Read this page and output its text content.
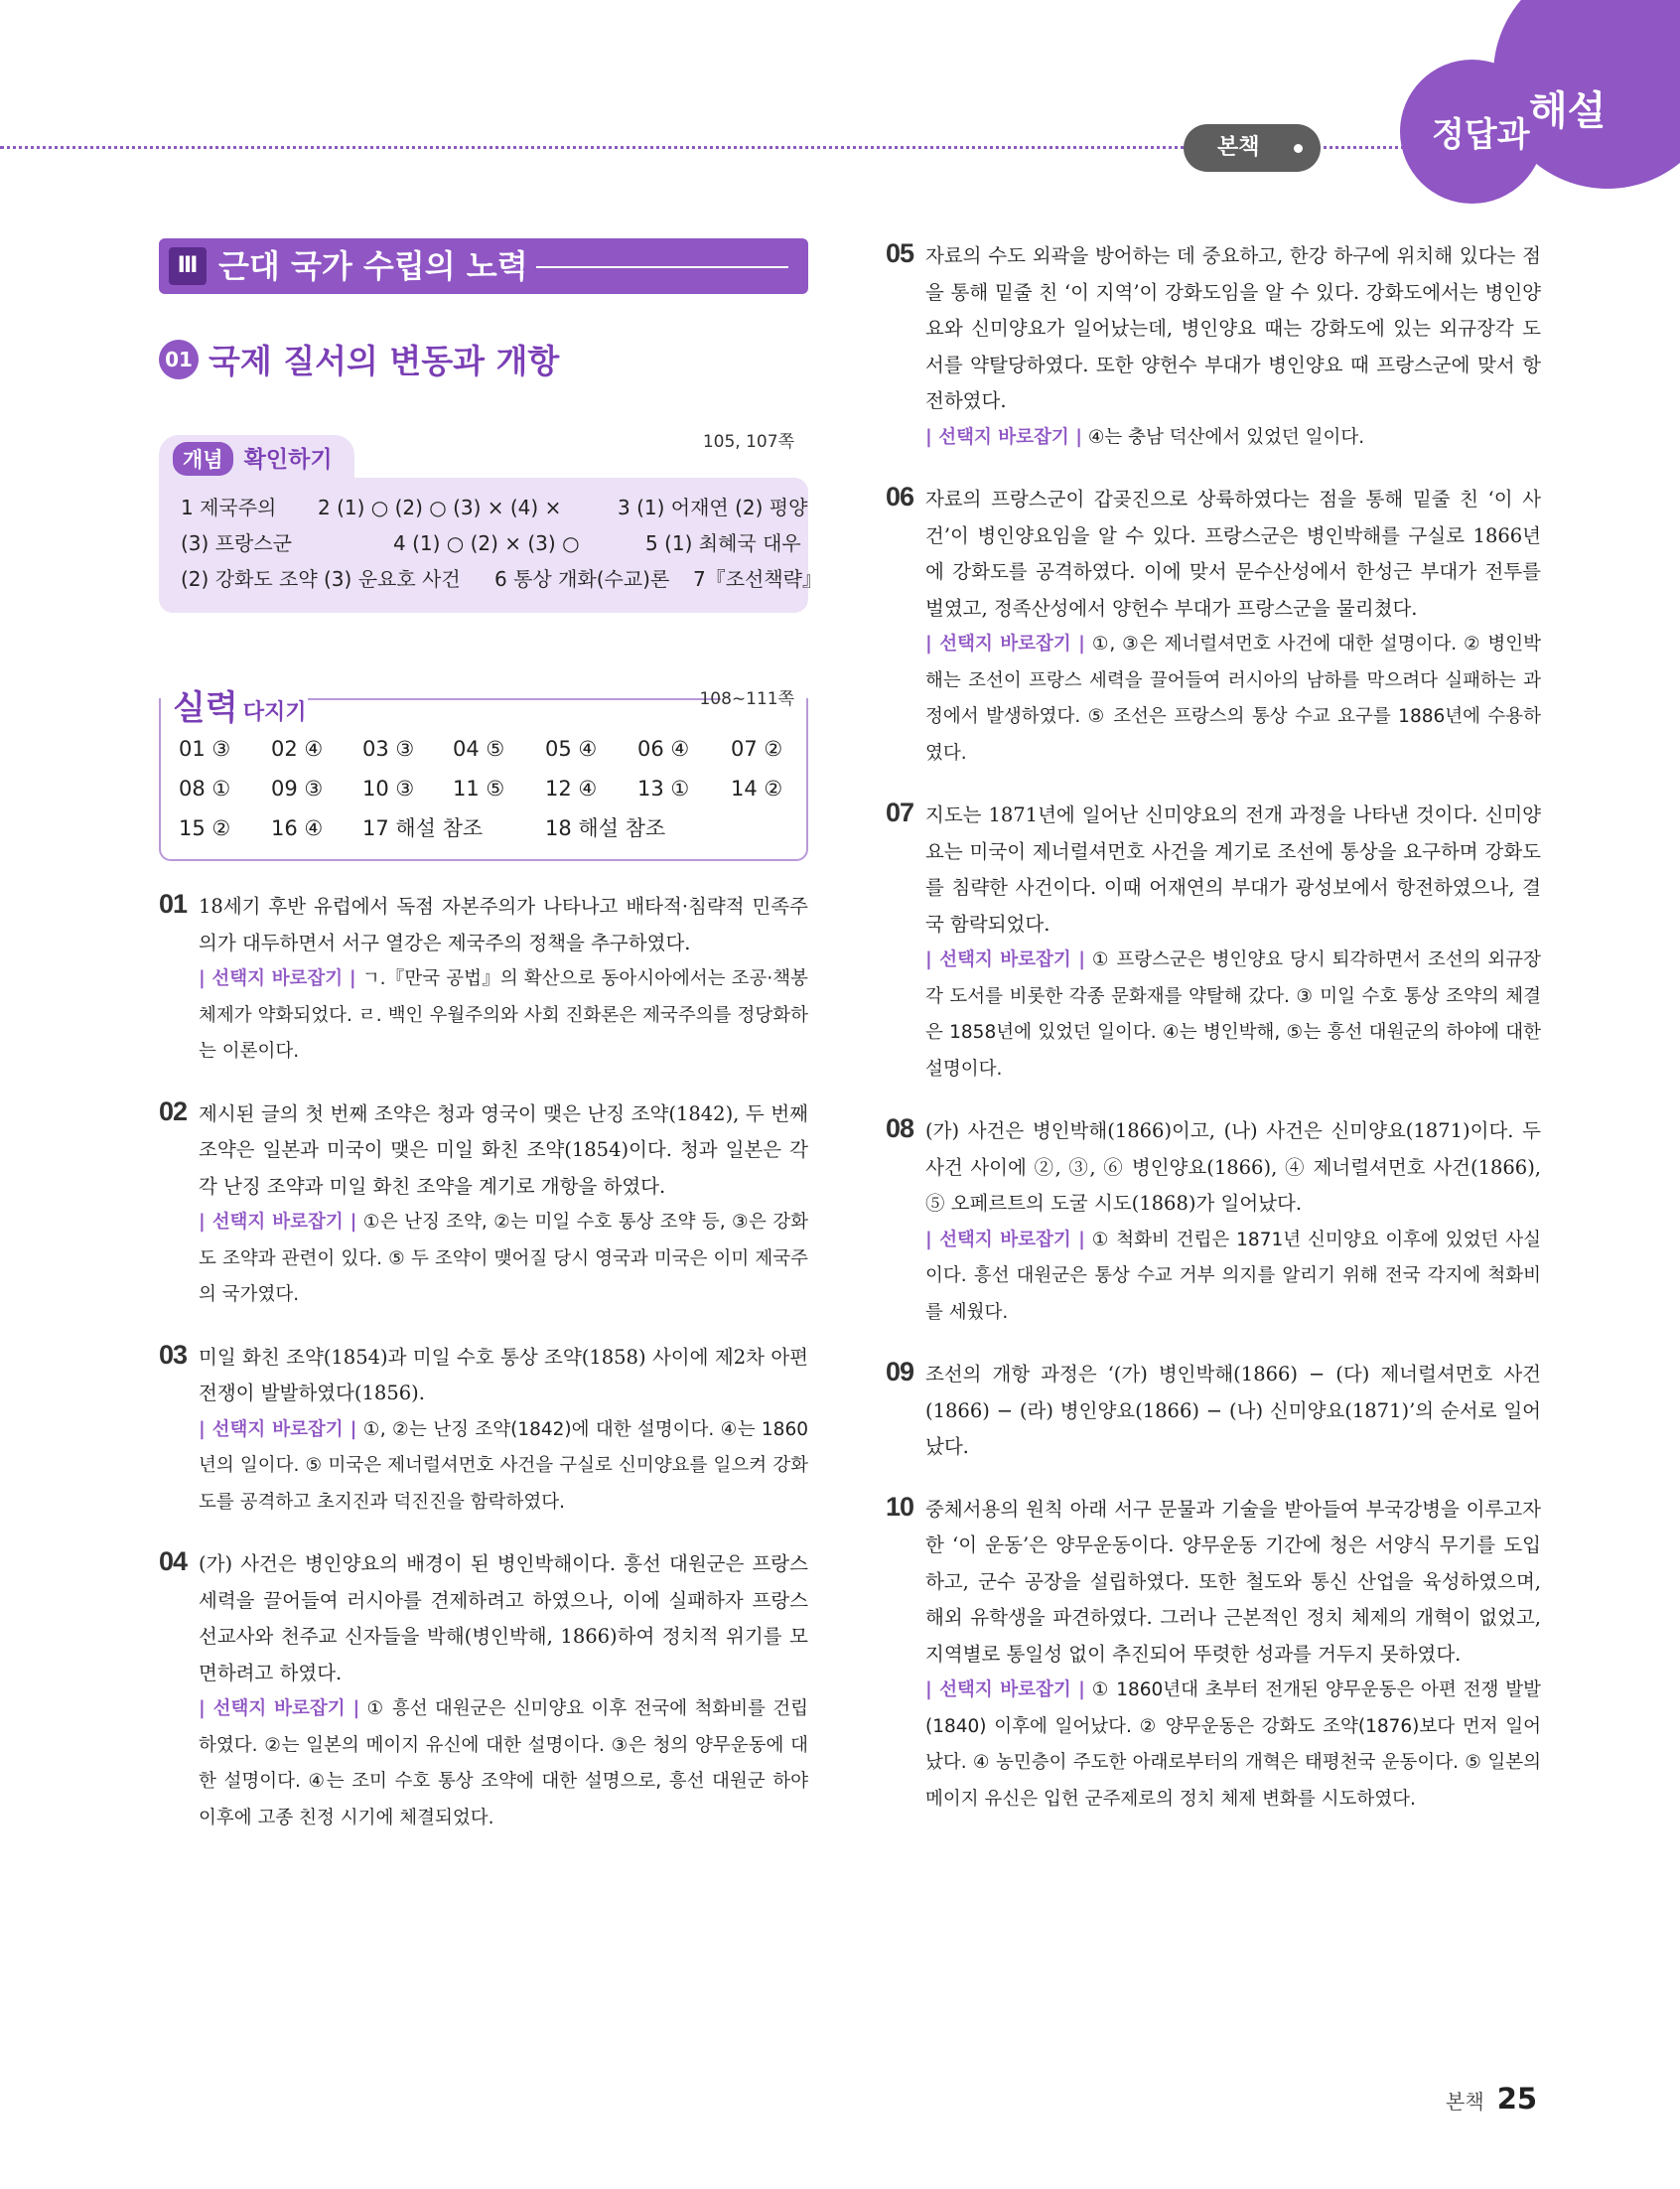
본책
해설
정답과
Ⅲ 근대 국가 수립의 노력
01 국제 질서의 변동과 개항
105, 107쪽
개념 확인하기
1 제국주의 2 (1) ○ (2) ○ (3) × (4) ×	3 (1) 어재연 (2) 평양
(3) 프랑스군	4 (1) ○ (2) × (3) ○	5 (1) 최혜국 대우
(2) 강화도 조약 (3) 운요호 사건 6 통상 개화(수교)론 7『조선책략』
108∼111쪽
실력 다지기
01 ③ 02 ④ 03 ③ 04 ⑤ 05 ④ 06 ④ 07 ②
08 ① 09 ③ 10 ③ 11 ⑤ 12 ④ 13 ① 14 ②
15 ② 16 ④ 17 해설 참조	18 해설 참조
01 18세기 후반 유럽에서 독점 자본주의가 나타나고 배타적·침략적 민족주의가 대두하면서 서구 열강은 제국주의 정책을 추구하였다.

| 선택지 바로잡기 | ㄱ.『만국 공법』의 확산으로 동아시아에서는 조공·책봉 체제가 약화되었다. ㄹ. 백인 우월주의와 사회 진화론은 제국주의를 정당화하는 이론이다.

02 제시된 글의 첫 번째 조약은 청과 영국이 맺은 난징 조약(1842), 두 번째 조약은 일본과 미국이 맺은 미일 화친 조약(1854)이다. 청과 일본은 각각 난징 조약과 미일 화친 조약을 계기로 개항을 하였다.

| 선택지 바로잡기 | ①은 난징 조약, ②는 미일 수호 통상 조약 등, ③은 강화도 조약과 관련이 있다. ⑤ 두 조약이 맺어질 당시 영국과 미국은 이미 제국주의 국가였다.

03 미일 화친 조약(1854)과 미일 수호 통상 조약(1858) 사이에 제2차 아편 전쟁이 발발하였다(1856).

| 선택지 바로잡기 | ①, ②는 난징 조약(1842)에 대한 설명이다. ④는 1860년의 일이다. ⑤ 미국은 제너럴셔먼호 사건을 구실로 신미양요를 일으켜 강화도를 공격하고 초지진과 덕진진을 함락하였다.

04 (가) 사건은 병인양요의 배경이 된 병인박해이다. 흥선 대원군은 프랑스 세력을 끌어들여 러시아를 견제하려고 하였으나, 이에 실패하자 프랑스 선교사와 천주교 신자들을 박해(병인박해, 1866)하여 정치적 위기를 모면하려고 하였다.

| 선택지 바로잡기 | ① 흥선 대원군은 신미양요 이후 전국에 척화비를 건립하였다. ②는 일본의 메이지 유신에 대한 설명이다. ③은 청의 양무운동에 대한 설명이다. ④는 조미 수호 통상 조약에 대한 설명으로, 흥선 대원군 하야 이후에 고종 친정 시기에 체결되었다.

05 자료의 수도 외곽을 방어하는 데 중요하고, 한강 하구에 위치해 있다는 점을 통해 밑줄 친 ‘이 지역’이 강화도임을 알 수 있다. 강화도에서는 병인양요와 신미양요가 일어났는데, 병인양요 때는 강화도에 있는 외규장각 도서를 약탈당하였다. 또한 양헌수 부대가 병인양요 때 프랑스군에 맞서 항전하였다.

| 선택지 바로잡기 | ④는 충남 덕산에서 있었던 일이다.

06 자료의 프랑스군이 갑곶진으로 상륙하였다는 점을 통해 밑줄 친 ‘이 사건’이 병인양요임을 알 수 있다. 프랑스군은 병인박해를 구실로 1866년에 강화도를 공격하였다. 이에 맞서 문수산성에서 한성근 부대가 전투를 벌였고, 정족산성에서 양헌수 부대가 프랑스군을 물리쳤다.

| 선택지 바로잡기 | ①, ③은 제너럴셔먼호 사건에 대한 설명이다. ② 병인박해는 조선이 프랑스 세력을 끌어들여 러시아의 남하를 막으려다 실패하는 과정에서 발생하였다. ⑤ 조선은 프랑스의 통상 수교 요구를 1886년에 수용하였다.

07 지도는 1871년에 일어난 신미양요의 전개 과정을 나타낸 것이다. 신미양요는 미국이 제너럴셔먼호 사건을 계기로 조선에 통상을 요구하며 강화도를 침략한 사건이다. 이때 어재연의 부대가 광성보에서 항전하였으나, 결국 함락되었다.

| 선택지 바로잡기 | ① 프랑스군은 병인양요 당시 퇴각하면서 조선의 외규장각 도서를 비롯한 각종 문화재를 약탈해 갔다. ③ 미일 수호 통상 조약의 체결은 1858년에 있었던 일이다. ④는 병인박해, ⑤는 흥선 대원군의 하야에 대한 설명이다.

08 (가) 사건은 병인박해(1866)이고, (나) 사건은 신미양요(1871)이다. 두 사건 사이에 ②, ③, ⑥ 병인양요(1866), ④ 제너럴셔먼호 사건(1866), ⑤ 오페르트의 도굴 시도(1868)가 일어났다.

| 선택지 바로잡기 | ① 척화비 건립은 1871년 신미양요 이후에 있었던 사실이다. 흥선 대원군은 통상 수교 거부 의지를 알리기 위해 전국 각지에 척화비를 세웠다.

09 조선의 개항 과정은 ‘(가) 병인박해(1866) − (다) 제너럴셔먼호 사건(1866) − (라) 병인양요(1866) − (나) 신미양요(1871)’의 순서로 일어났다.

10 중체서용의 원칙 아래 서구 문물과 기술을 받아들여 부국강병을 이루고자 한 ‘이 운동’은 양무운동이다. 양무운동 기간에 청은 서양식 무기를 도입하고, 군수 공장을 설립하였다. 또한 철도와 통신 산업을 육성하였으며, 해외 유학생을 파견하였다. 그러나 근본적인 정치 체제의 개혁이 없었고, 지역별로 통일성 없이 추진되어 뚜렷한 성과를 거두지 못하였다.

| 선택지 바로잡기 | ① 1860년대 초부터 전개된 양무운동은 아편 전쟁 발발(1840) 이후에 일어났다. ② 양무운동은 강화도 조약(1876)보다 먼저 일어났다. ④ 농민층이 주도한 아래로부터의 개혁은 태평천국 운동이다. ⑤ 일본의 메이지 유신은 입헌 군주제로의 정치 체제 변화를 시도하였다.

본책 25
